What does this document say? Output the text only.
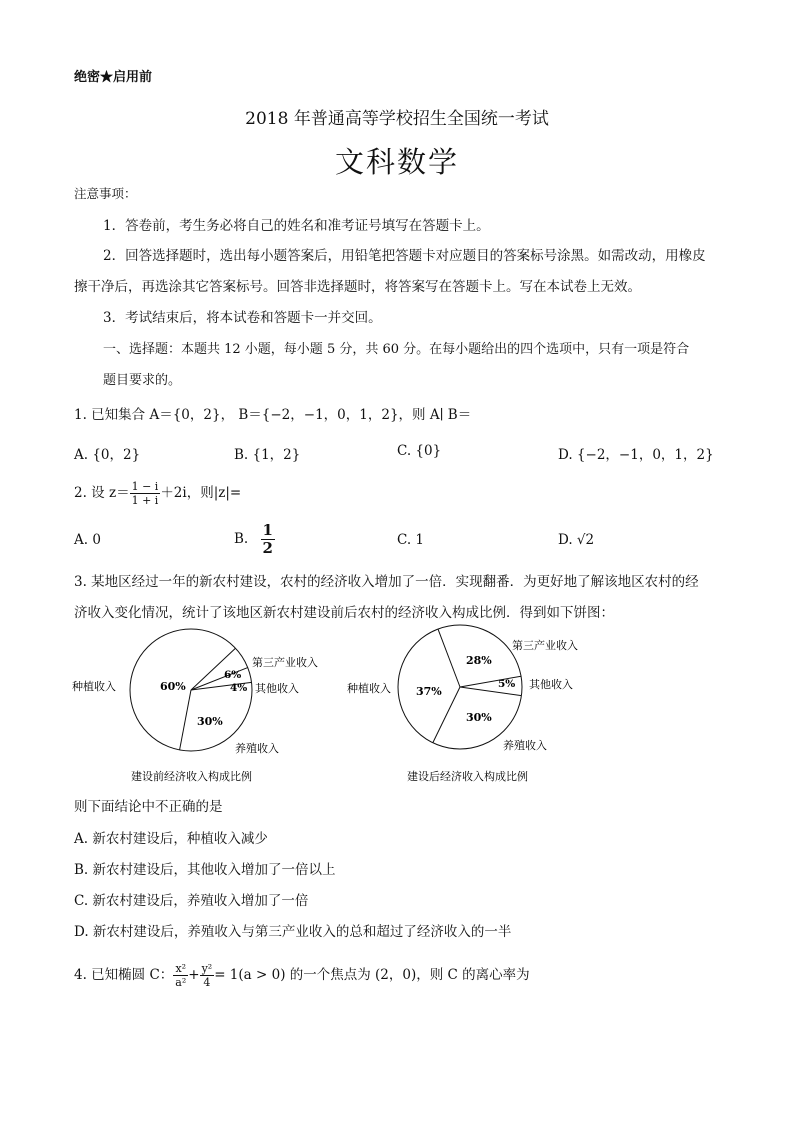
绝密★启用前
2018 年普通高等学校招生全国统一考试
文科数学
注意事项：
1．答卷前，考生务必将自己的姓名和准考证号填写在答题卡上。
2．回答选择题时，选出每小题答案后，用铅笔把答题卡对应题目的答案标号涂黑。如需改动，用橡皮
擦干净后，再选涂其它答案标号。回答非选择题时，将答案写在答题卡上。写在本试卷上无效。
3．考试结束后，将本试卷和答题卡一并交回。
一、选择题：本题共 12 小题，每小题 5 分，共 60 分。在每小题给出的四个选项中，只有一项是符合
题目要求的。
1. 已知集合 A＝{0，2}， B＝{−2，−1，0，1，2}，则 A∣ B＝
A. {0，2}	B. {1，2}	C. {0}	D. {−2，−1，0，1，2}
2. 设 $z= \frac{1 - i}{1 + i} +2i$，则|z|=
A. 0	B. $\frac{1}{2}$	C. 1	D. √2
3. 某地区经过一年的新农村建设，农村的经济收入增加了一倍．实现翻番．为更好地了解该地区农村的经
济收入变化情况，统计了该地区新农村建设前后农村的经济收入构成比例．得到如下饼图：
60%
30%
6%
4%
种植收入
养殖收入
第三产业收入
其他收入
建设前经济收入构成比例
37%
28%
5%
30%
种植收入
第三产业收入
其他收入
养殖收入
建设后经济收入构成比例
则下面结论中不正确的是
A. 新农村建设后，种植收入减少
B. 新农村建设后，其他收入增加了一倍以上
C. 新农村建设后，养殖收入增加了一倍
D. 新农村建设后，养殖收入与第三产业收入的总和超过了经济收入的一半
4. 已知椭圆 C： $\frac{\text{x²}}{\text{a²}} + \frac{\text{y²}}{4} = 1(a > 0)$ 的一个焦点为 (2，0)，则 C 的离心率为
